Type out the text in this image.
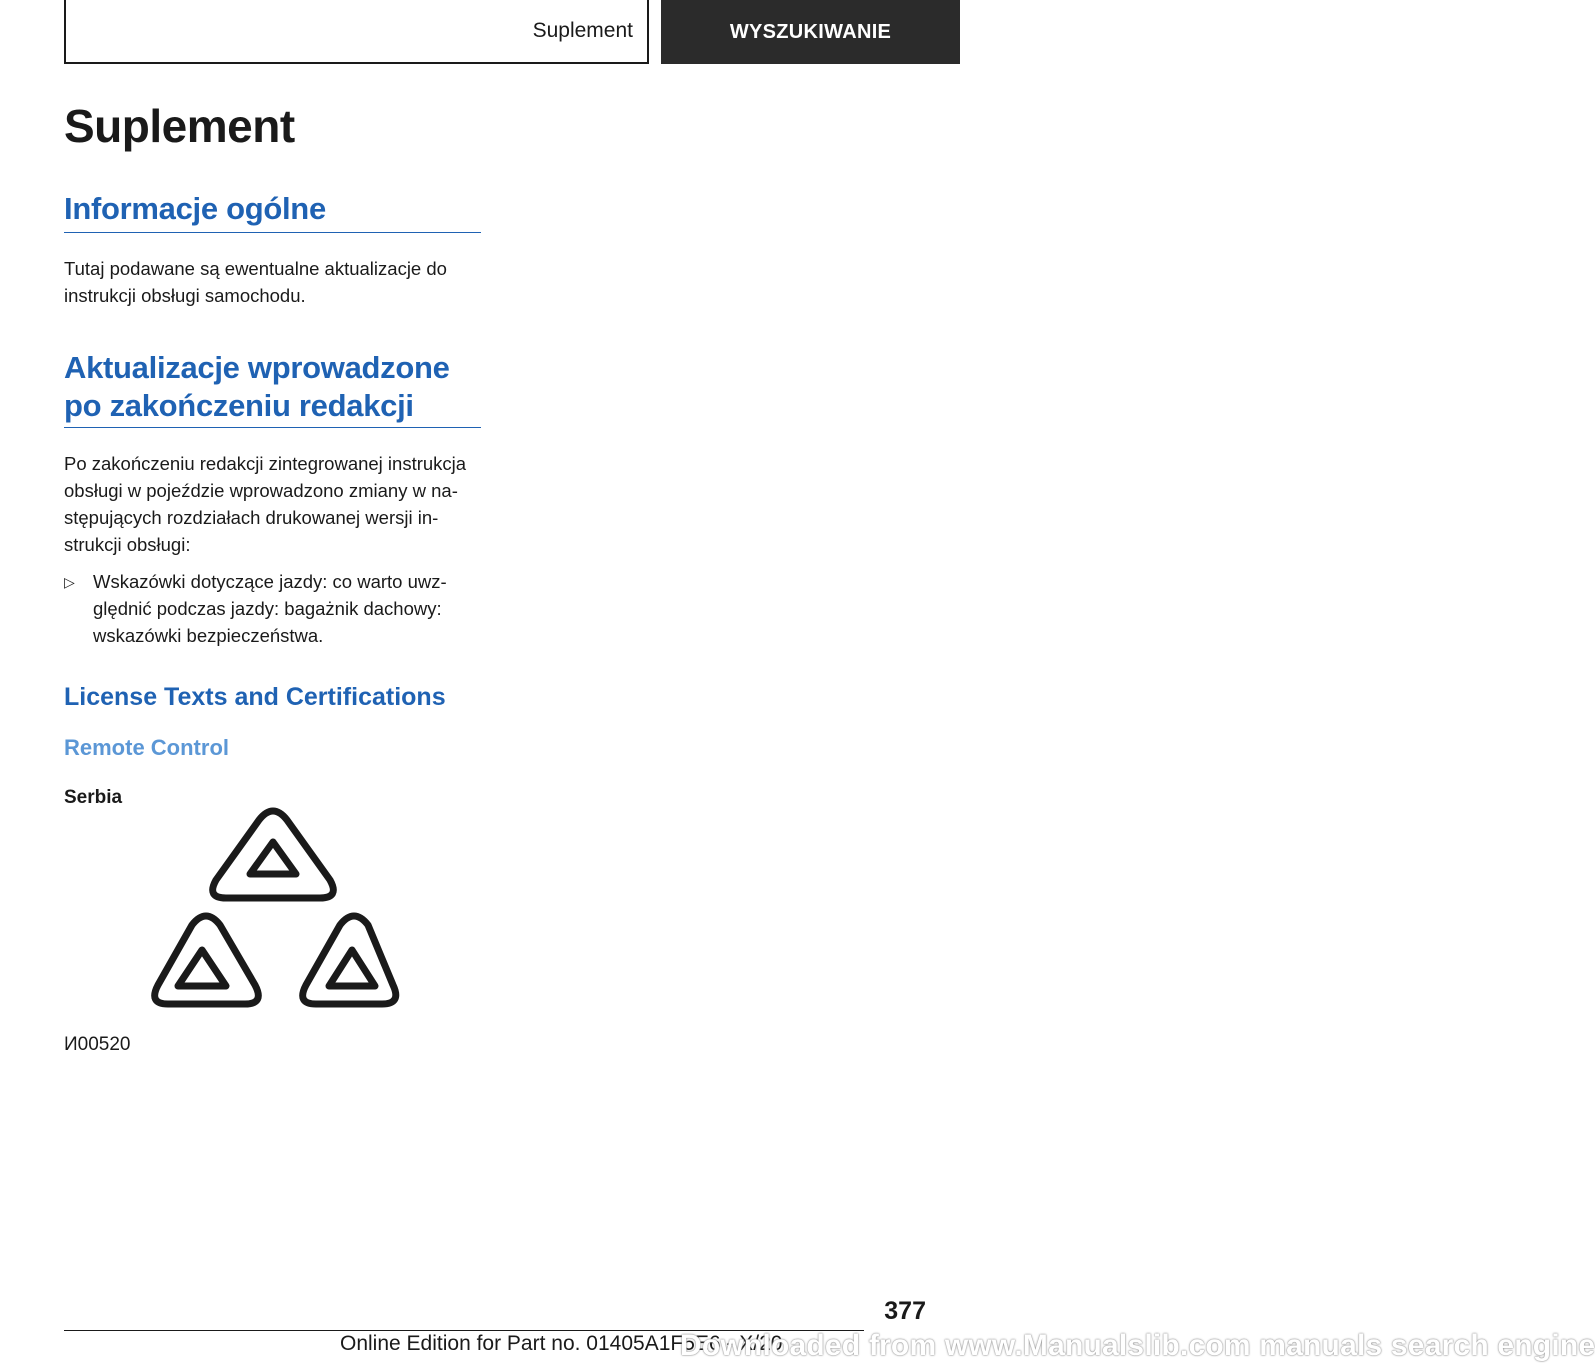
Suplement	WYSZUKIWANIE
Suplement
Informacje ogólne

Tutaj podawane są ewentualne aktualizacje do instrukcji obsługi samochodu.

Aktualizacje wprowadzone
po zakończeniu redakcji

Po zakończeniu redakcji zintegrowanej instrukcja obsługi w pojeździe wprowadzono zmiany w następujących rozdziałach drukowanej wersji instrukcji obsługi:

▷ Wskazówki dotyczące jazdy: co warto uwzględnić podczas jazdy: bagażnik dachowy: wskazówki bezpieczeństwa.
License Texts and Certifications
Remote Control
Serbia
И00520
377
Online Edition for Part no. 01405A1F5E6 - X/20
Downloaded from www.Manualslib.com manuals search engine
